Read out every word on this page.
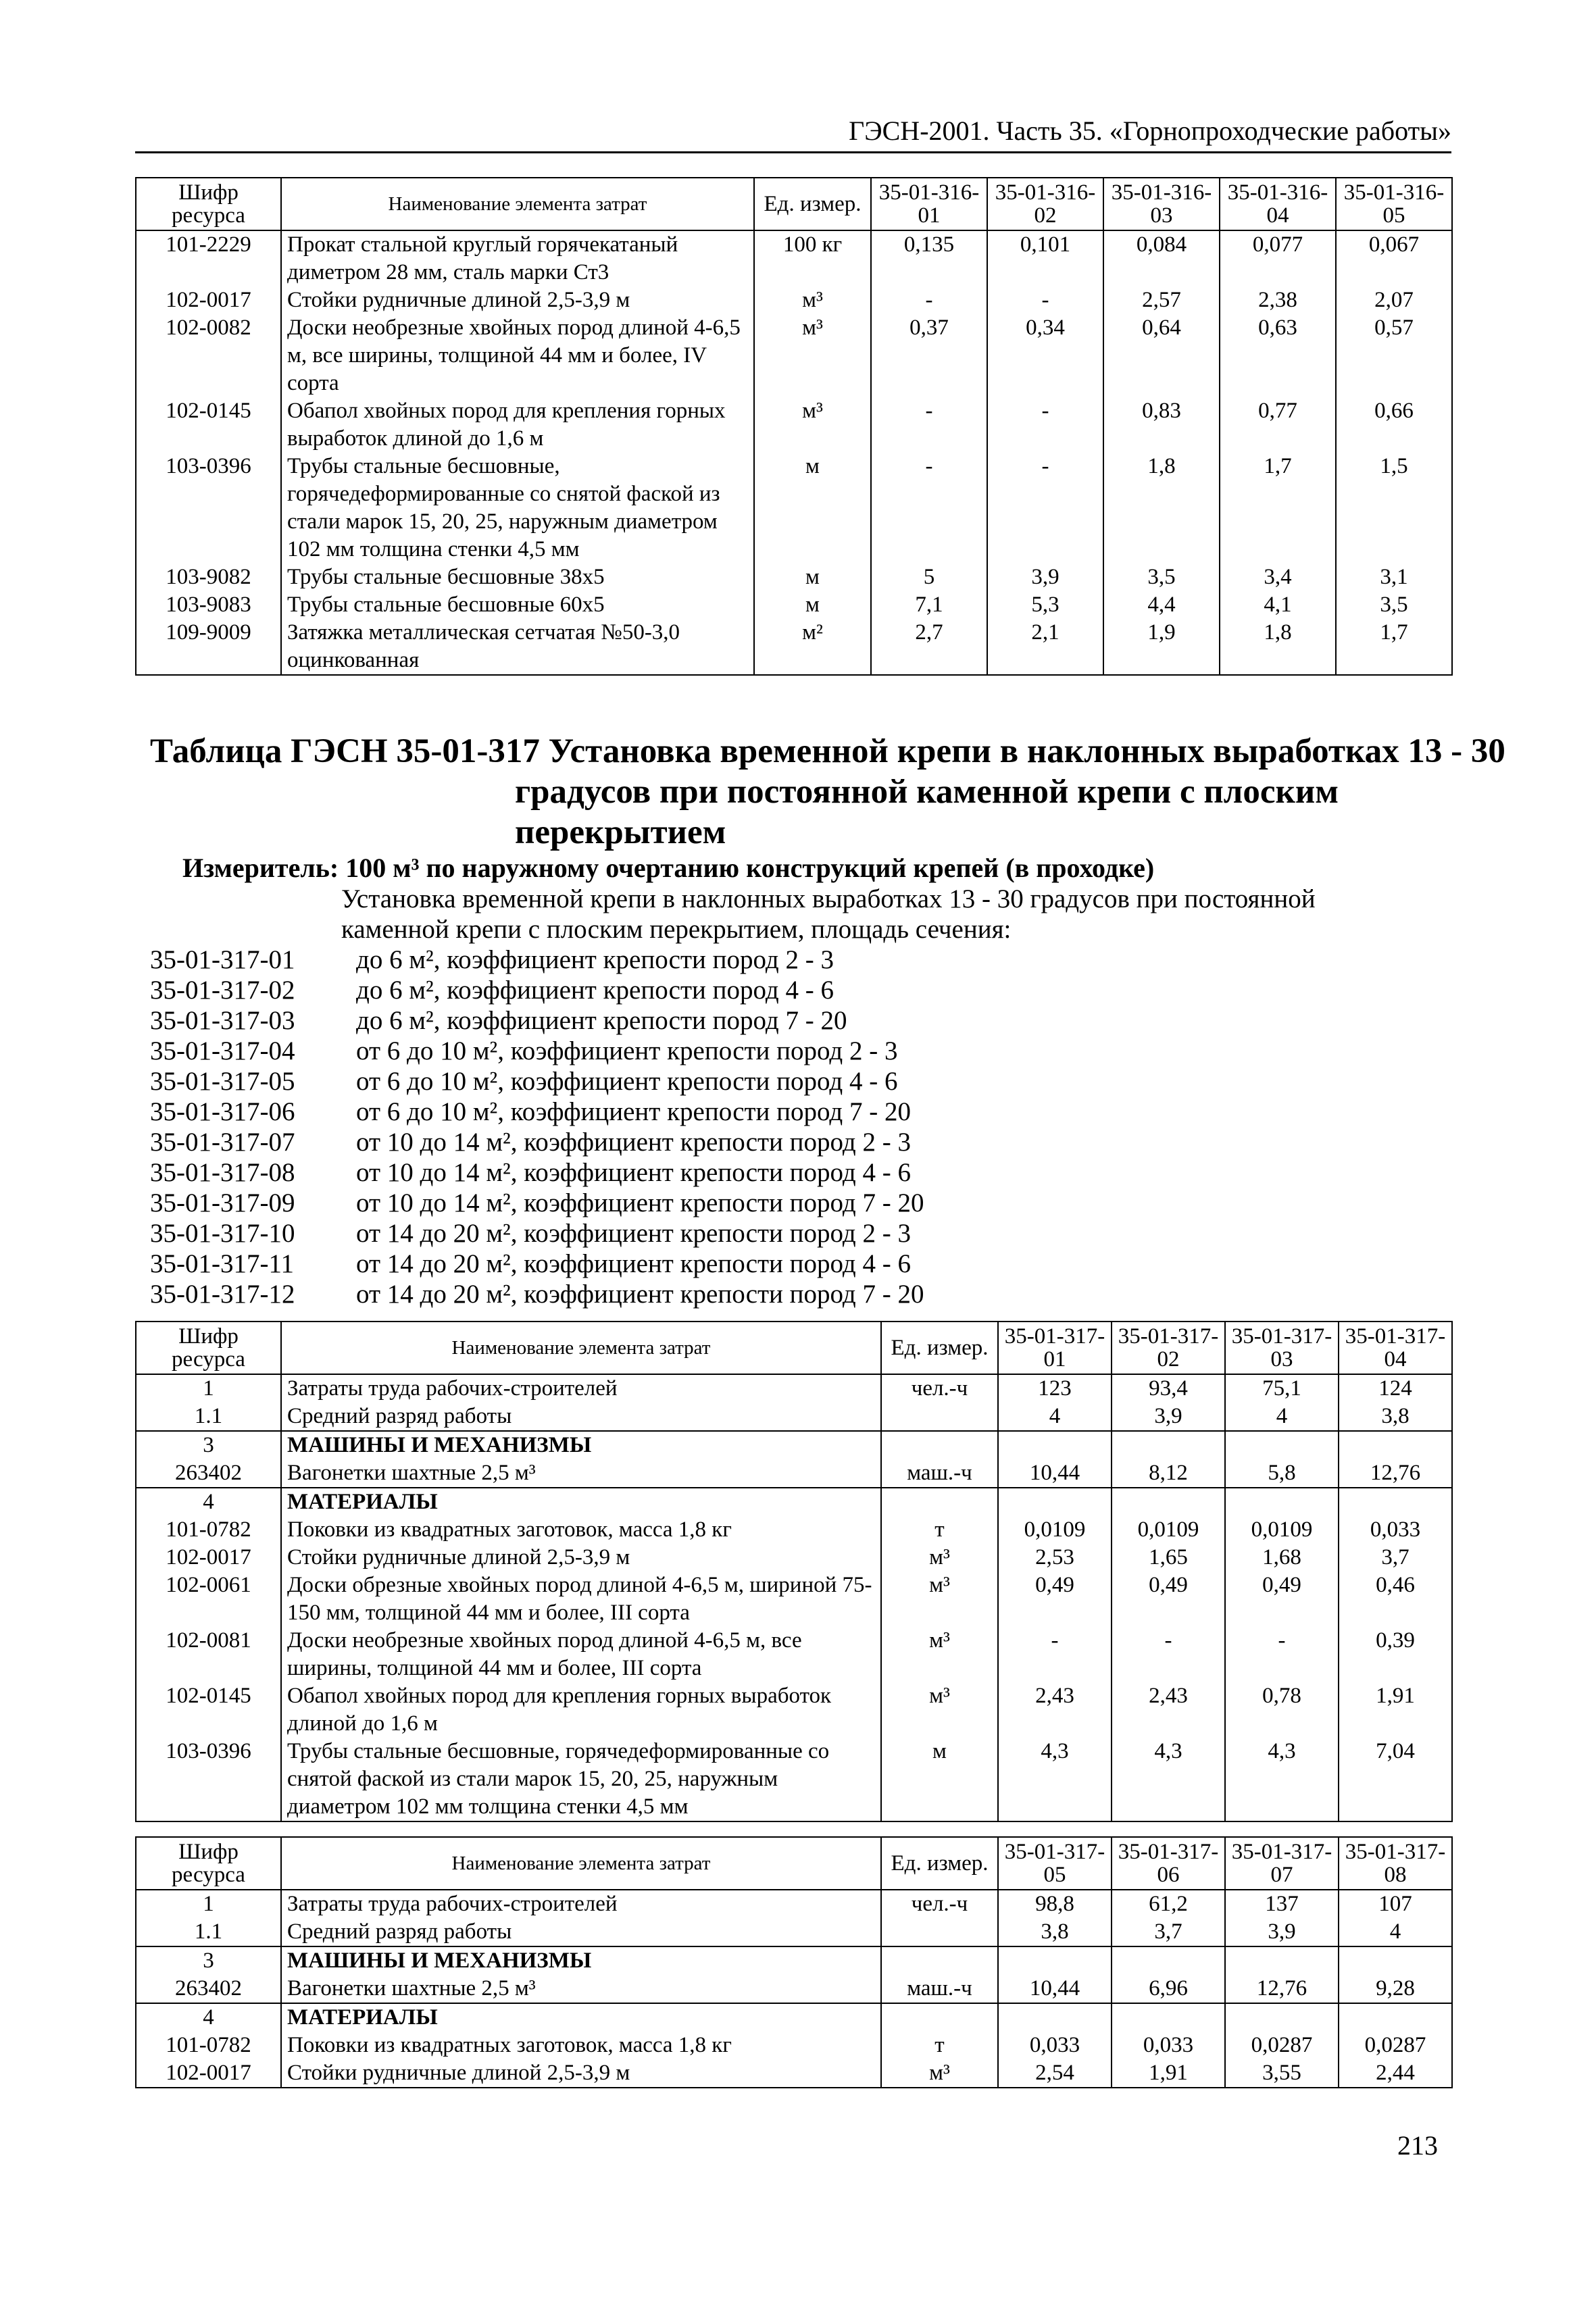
ГЭСН-2001. Часть 35. «Горнопроходческие работы»
Шифр ресурса	Наименование элемента затрат	Ед. измер.	35-01-316-01	35-01-316-02	35-01-316-03	35-01-316-04	35-01-316-05
101-2229	Прокат стальной круглый горячекатаный диметром 28 мм, сталь марки Ст3	100 кг	0,135	0,101	0,084	0,077	0,067
102-0017	Стойки рудничные длиной 2,5-3,9 м	м³	-	-	2,57	2,38	2,07
102-0082	Доски необрезные хвойных пород длиной 4-6,5 м, все ширины, толщиной 44 мм и более, IV сорта	м³	0,37	0,34	0,64	0,63	0,57
102-0145	Обапол хвойных пород для крепления горных выработок длиной до 1,6 м	м³	-	-	0,83	0,77	0,66
103-0396	Трубы стальные бесшовные, горячедеформированные со снятой фаской из стали марок 15, 20, 25, наружным диаметром 102 мм толщина стенки 4,5 мм	м	-	-	1,8	1,7	1,5
103-9082	Трубы стальные бесшовные 38х5	м	5	3,9	3,5	3,4	3,1
103-9083	Трубы стальные бесшовные 60х5	м	7,1	5,3	4,4	4,1	3,5
109-9009	Затяжка металлическая сетчатая №50-3,0 оцинкованная	м²	2,7	2,1	1,9	1,8	1,7
Таблица ГЭСН 35-01-317 Установка временной крепи в наклонных выработках 13 - 30
градусов при постоянной каменной крепи с плоским перекрытием
Измеритель: 100 м³ по наружному очертанию конструкций крепей (в проходке)
Установка временной крепи в наклонных выработках 13 - 30 градусов при постоянной каменной крепи с плоским перекрытием, площадь сечения:
35-01-317-01 до 6 м², коэффициент крепости пород 2 - 3
35-01-317-02 до 6 м², коэффициент крепости пород 4 - 6
35-01-317-03 до 6 м², коэффициент крепости пород 7 - 20
35-01-317-04 от 6 до 10 м², коэффициент крепости пород 2 - 3
35-01-317-05 от 6 до 10 м², коэффициент крепости пород 4 - 6
35-01-317-06 от 6 до 10 м², коэффициент крепости пород 7 - 20
35-01-317-07 от 10 до 14 м², коэффициент крепости пород 2 - 3
35-01-317-08 от 10 до 14 м², коэффициент крепости пород 4 - 6
35-01-317-09 от 10 до 14 м², коэффициент крепости пород 7 - 20
35-01-317-10 от 14 до 20 м², коэффициент крепости пород 2 - 3
35-01-317-11 от 14 до 20 м², коэффициент крепости пород 4 - 6
35-01-317-12 от 14 до 20 м², коэффициент крепости пород 7 - 20
Шифр ресурса	Наименование элемента затрат	Ед. измер.	35-01-317-01	35-01-317-02	35-01-317-03	35-01-317-04
1	Затраты труда рабочих-строителей	чел.-ч	123	93,4	75,1	124
1.1	Средний разряд работы		4	3,9	4	3,8
3	МАШИНЫ И МЕХАНИЗМЫ					
263402	Вагонетки шахтные 2,5 м³	маш.-ч	10,44	8,12	5,8	12,76
4	МАТЕРИАЛЫ					
101-0782	Поковки из квадратных заготовок, масса 1,8 кг	т	0,0109	0,0109	0,0109	0,033
102-0017	Стойки рудничные длиной 2,5-3,9 м	м³	2,53	1,65	1,68	3,7
102-0061	Доски обрезные хвойных пород длиной 4-6,5 м, шириной 75-150 мм, толщиной 44 мм и более, III сорта	м³	0,49	0,49	0,49	0,46
102-0081	Доски необрезные хвойных пород длиной 4-6,5 м, все ширины, толщиной 44 мм и более, III сорта	м³	-	-	-	0,39
102-0145	Обапол хвойных пород для крепления горных выработок длиной до 1,6 м	м³	2,43	2,43	0,78	1,91
103-0396	Трубы стальные бесшовные, горячедеформированные со снятой фаской из стали марок 15, 20, 25, наружным диаметром 102 мм толщина стенки 4,5 мм	м	4,3	4,3	4,3	7,04
Шифр ресурса	Наименование элемента затрат	Ед. измер.	35-01-317-05	35-01-317-06	35-01-317-07	35-01-317-08
1	Затраты труда рабочих-строителей	чел.-ч	98,8	61,2	137	107
1.1	Средний разряд работы		3,8	3,7	3,9	4
3	МАШИНЫ И МЕХАНИЗМЫ					
263402	Вагонетки шахтные 2,5 м³	маш.-ч	10,44	6,96	12,76	9,28
4	МАТЕРИАЛЫ					
101-0782	Поковки из квадратных заготовок, масса 1,8 кг	т	0,033	0,033	0,0287	0,0287
102-0017	Стойки рудничные длиной 2,5-3,9 м	м³	2,54	1,91	3,55	2,44
213
